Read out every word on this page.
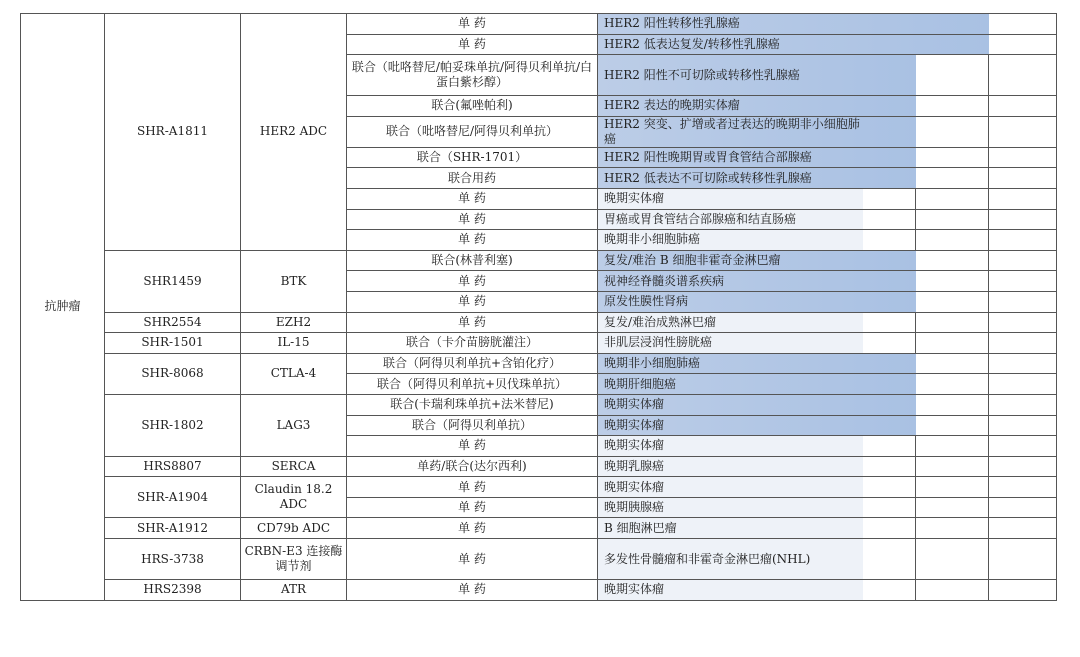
抗肿瘤	SHR-A1811	HER2 ADC	单 药	HER2 阳性转移性乳腺癌			
			单 药	HER2 低表达复发/转移性乳腺癌			
			联合（吡咯替尼/帕妥珠单抗/阿得贝利单抗/白蛋白紫杉醇）	HER2 阳性不可切除或转移性乳腺癌			
			联合(氟唑帕利)	HER2 表达的晚期实体瘤			
			联合（吡咯替尼/阿得贝利单抗）	HER2 突变、扩增或者过表达的晚期非小细胞肺癌			
			联合（SHR-1701）	HER2 阳性晚期胃或胃食管结合部腺癌			
			联合用药	HER2 低表达不可切除或转移性乳腺癌			
			单 药	晚期实体瘤			
			单 药	胃癌或胃食管结合部腺癌和结直肠癌			
			单 药	晚期非小细胞肺癌			
	SHR1459	BTK	联合(林普利塞)	复发/难治 B 细胞非霍奇金淋巴瘤			
			单 药	视神经脊髓炎谱系疾病			
			单 药	原发性膜性肾病			
	SHR2554	EZH2	单 药	复发/难治成熟淋巴瘤			
	SHR-1501	IL-15	联合（卡介苗膀胱灌注）	非肌层浸润性膀胱癌			
	SHR-8068	CTLA-4	联合（阿得贝利单抗+含铂化疗）	晚期非小细胞肺癌			
			联合（阿得贝利单抗+贝伐珠单抗）	晚期肝细胞癌			
	SHR-1802	LAG3	联合(卡瑞利珠单抗+法米替尼)	晚期实体瘤			
			联合（阿得贝利单抗）	晚期实体瘤			
			单 药	晚期实体瘤			
	HRS8807	SERCA	单药/联合(达尔西利)	晚期乳腺癌			
	SHR-A1904	Claudin 18.2 ADC	单 药	晚期实体瘤			
			单 药	晚期胰腺癌			
	SHR-A1912	CD79b ADC	单 药	B 细胞淋巴瘤			
	HRS-3738	CRBN-E3 连接酶调节剂	单 药	多发性骨髓瘤和非霍奇金淋巴瘤(NHL)			
	HRS2398	ATR	单 药	晚期实体瘤			
